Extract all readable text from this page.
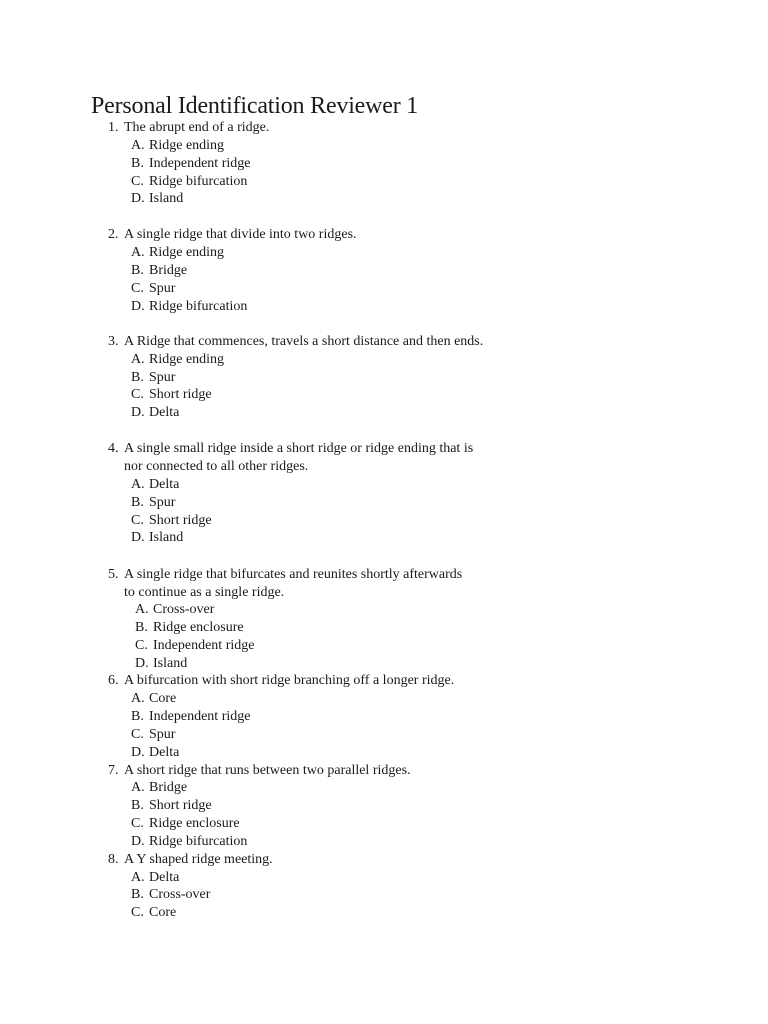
Personal Identification Reviewer 1
1. The abrupt end of a ridge.
A. Ridge ending
B. Independent ridge
C. Ridge bifurcation
D. Island
2. A single ridge that divide into two ridges.
A. Ridge ending
B. Bridge
C. Spur
D. Ridge bifurcation
3. A Ridge that commences, travels a short distance and then ends.
A. Ridge ending
B. Spur
C. Short ridge
D. Delta
4. A single small ridge inside a short ridge or ridge ending that is
nor connected to all other ridges.
A. Delta
B. Spur
C. Short ridge
D. Island
5. A single ridge that bifurcates and reunites shortly afterwards
to continue as a single ridge.
A. Cross-over
B. Ridge enclosure
C. Independent ridge
D. Island
6. A bifurcation with short ridge branching off a longer ridge.
A. Core
B. Independent ridge
C. Spur
D. Delta
7. A short ridge that runs between two parallel ridges.
A. Bridge
B. Short ridge
C. Ridge enclosure
D. Ridge bifurcation
8. A Y shaped ridge meeting.
A. Delta
B. Cross-over
C. Core
